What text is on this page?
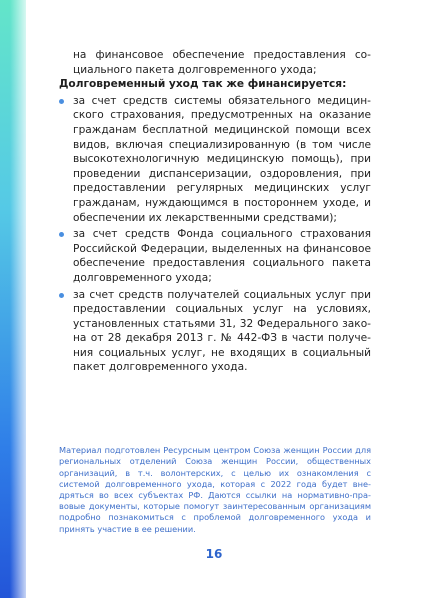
на финансовое обеспечение предоставления социального пакета долговременного ухода;

Долговременный уход так же финансируется:

за счет средств системы обязательного медицинского страхования, предусмотренных на оказание гражданам бесплатной медицинской помощи всех видов, включая специализированную (в том числе высокотехнологичную медицинскую помощь), при проведении диспансеризации, оздоровления, при предоставлении регулярных медицинских услуг гражданам, нуждающимся в постороннем уходе, и обеспечении их лекарственными средствами);
за счет средств Фонда социального страхования Российской Федерации, выделенных на финансовое обеспечение предоставления социального пакета долговременного ухода;
за счет средств получателей социальных услуг при предоставлении социальных услуг на условиях, установленных статьями 31, 32 Федерального закона от 28 декабря 2013 г. № 442-ФЗ в части получения социальных услуг, не входящих в социальный пакет долговременного ухода.

Материал подготовлен Ресурсным центром Союза женщин России для региональных отделений Союза женщин России, общественных организаций, в т.ч. волонтерских, с целью их ознакомления с системой долговременного ухода, которая с 2022 года будет внедряться во всех субъектах РФ. Даются ссылки на нормативно-правовые документы, которые помогут заинтересованным организациям подробно познакомиться с проблемой долговременного ухода и принять участие в ее решении.

16
